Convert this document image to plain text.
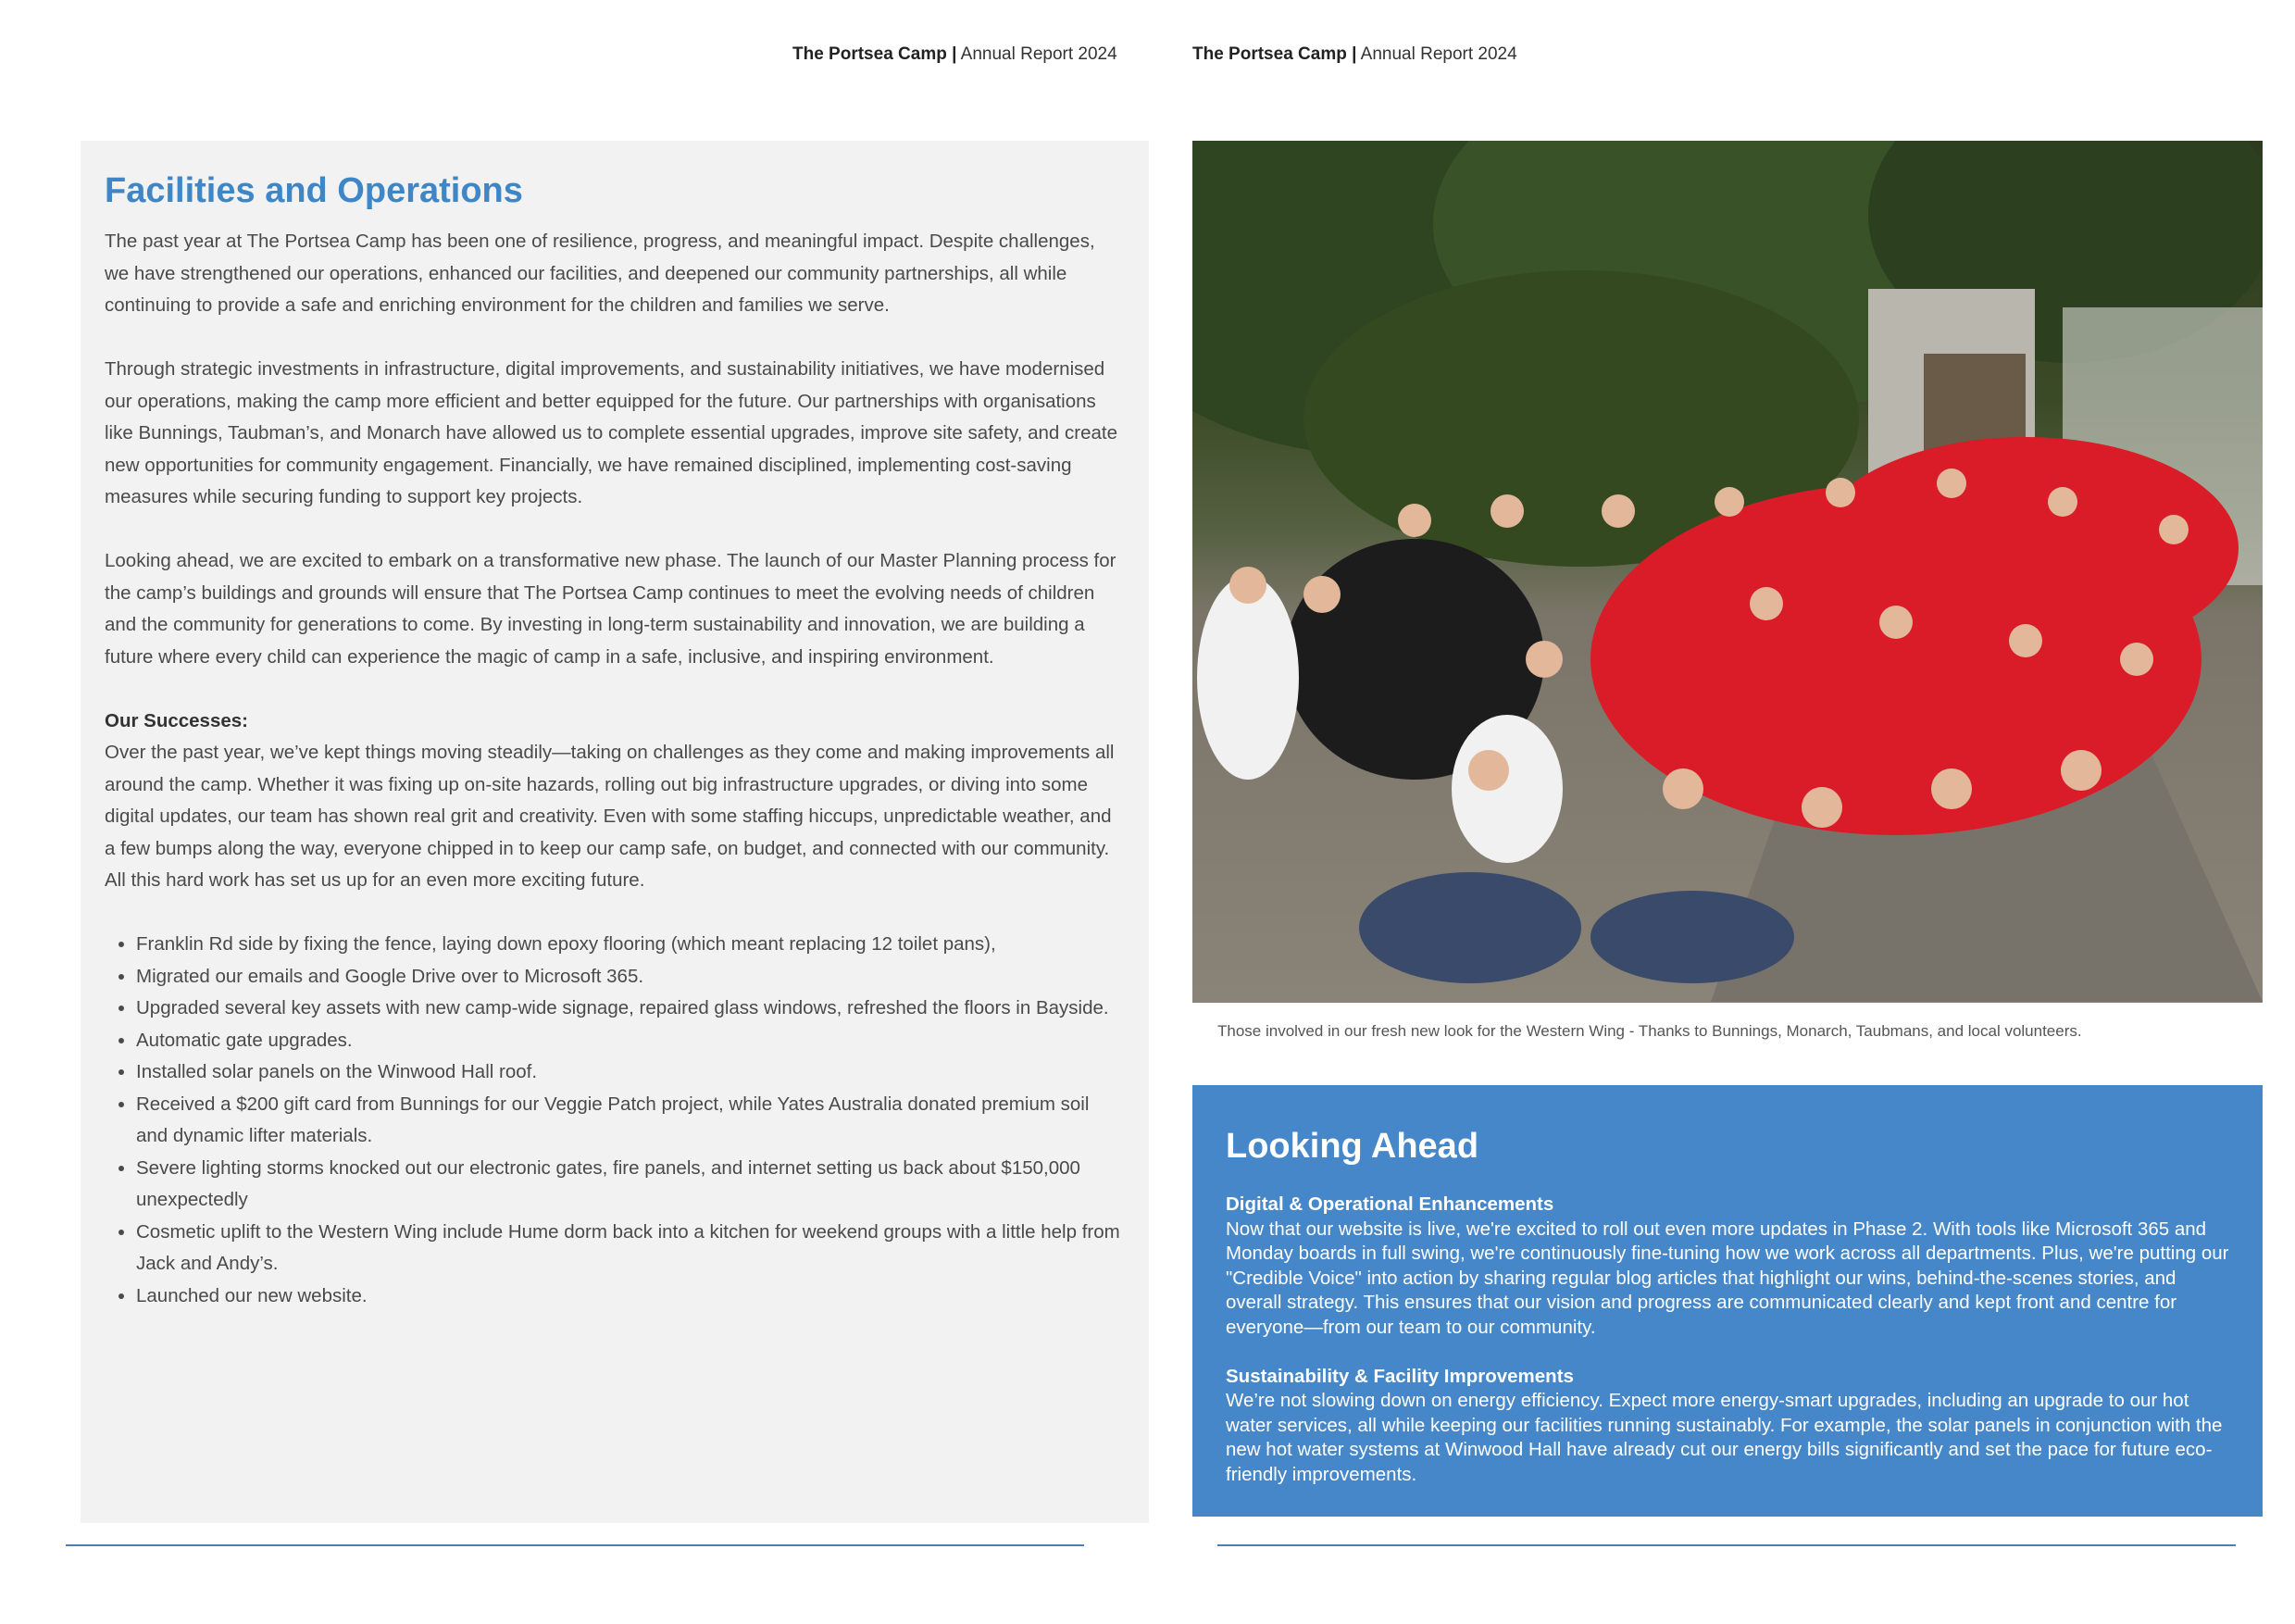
The Portsea Camp | Annual Report 2024	The Portsea Camp | Annual Report 2024
Facilities and Operations

The past year at The Portsea Camp has been one of resilience, progress, and meaningful impact. Despite challenges, we have strengthened our operations, enhanced our facilities, and deepened our community partnerships, all while continuing to provide a safe and enriching environment for the children and families we serve.

Through strategic investments in infrastructure, digital improvements, and sustainability initiatives, we have modernised our operations, making the camp more efficient and better equipped for the future. Our partnerships with organisations like Bunnings, Taubman’s, and Monarch have allowed us to complete essential upgrades, improve site safety, and create new opportunities for community engagement. Financially, we have remained disciplined, implementing cost-saving measures while securing funding to support key projects.

Looking ahead, we are excited to embark on a transformative new phase. The launch of our Master Planning process for the camp’s buildings and grounds will ensure that The Portsea Camp continues to meet the evolving needs of children and the community for generations to come. By investing in long-term sustainability and innovation, we are building a future where every child can experience the magic of camp in a safe, inclusive, and inspiring environment.

Our Successes:

Over the past year, we’ve kept things moving steadily—taking on challenges as they come and making improvements all around the camp. Whether it was fixing up on-site hazards, rolling out big infrastructure upgrades, or diving into some digital updates, our team has shown real grit and creativity. Even with some staffing hiccups, unpredictable weather, and a few bumps along the way, everyone chipped in to keep our camp safe, on budget, and connected with our community. All this hard work has set us up for an even more exciting future.

• Franklin Rd side by fixing the fence, laying down epoxy flooring (which meant replacing 12 toilet pans),
• Migrated our emails and Google Drive over to Microsoft 365.
• Upgraded several key assets with new camp-wide signage, repaired glass windows, refreshed the floors in Bayside.
• Automatic gate upgrades.
• Installed solar panels on the Winwood Hall roof.
• Received a $200 gift card from Bunnings for our Veggie Patch project, while Yates Australia donated premium soil and dynamic lifter materials.
• Severe lighting storms knocked out our electronic gates, fire panels, and internet setting us back about $150,000 unexpectedly
• Cosmetic uplift to the Western Wing include Hume dorm back into a kitchen for weekend groups with a little help from Jack and Andy’s.
• Launched our new website.
Those involved in our fresh new look for the Western Wing - Thanks to Bunnings, Monarch, Taubmans, and local volunteers.
Looking Ahead

Digital & Operational Enhancements

Now that our website is live, we're excited to roll out even more updates in Phase 2. With tools like Microsoft 365 and Monday boards in full swing, we're continuously fine-tuning how we work across all departments. Plus, we're putting our "Credible Voice" into action by sharing regular blog articles that highlight our wins, behind-the-scenes stories, and overall strategy. This ensures that our vision and progress are communicated clearly and kept front and centre for everyone—from our team to our community.

Sustainability & Facility Improvements

We’re not slowing down on energy efficiency. Expect more energy-smart upgrades, including an upgrade to our hot water services, all while keeping our facilities running sustainably. For example, the solar panels in conjunction with the new hot water systems at Winwood Hall have already cut our energy bills significantly and set the pace for future eco-friendly improvements.
